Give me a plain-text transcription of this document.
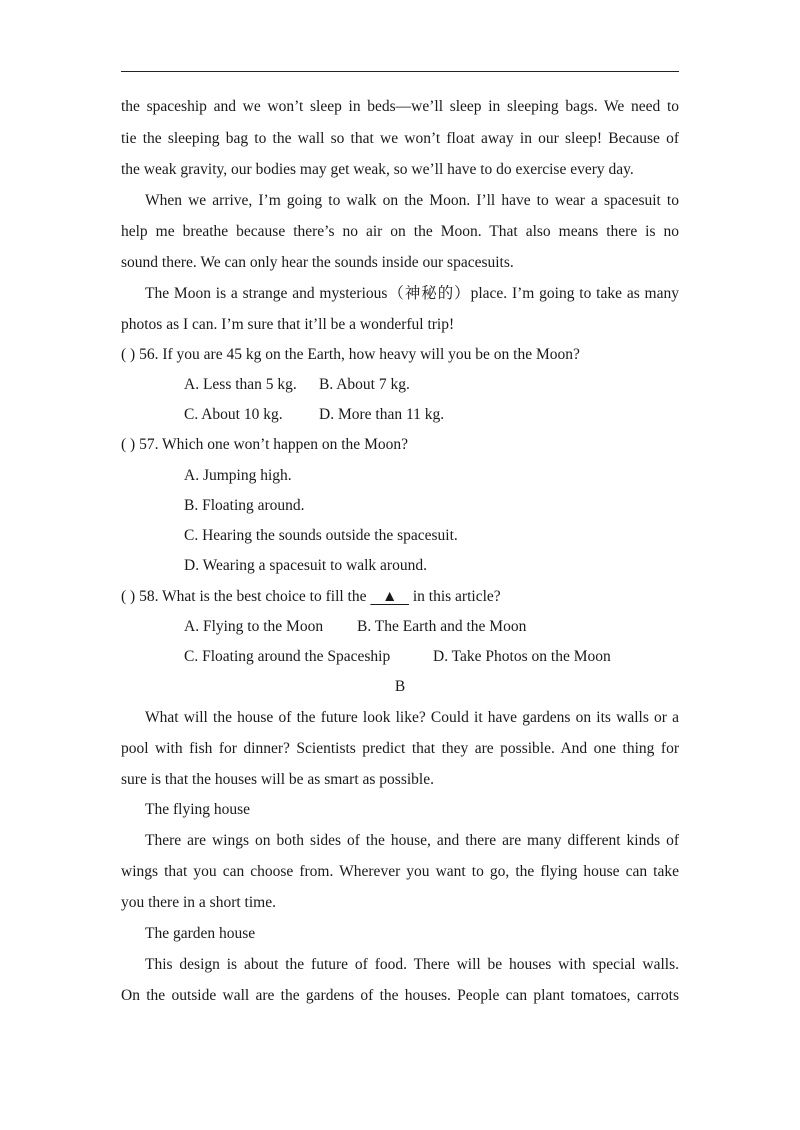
the spaceship and we won’t sleep in beds—we’ll sleep in sleeping bags. We need to
tie the sleeping bag to the wall so that we won’t float away in our sleep! Because of
the weak gravity, our bodies may get weak, so we’ll have to do exercise every day.
When we arrive, I’m going to walk on the Moon. I’ll have to wear a spacesuit to
help me breathe because there’s no air on the Moon. That also means there is no
sound there. We can only hear the sounds inside our spacesuits.
The Moon is a strange and mysterious（神秘的）place. I’m going to take as many
photos as I can. I’m sure that it’ll be a wonderful trip!
( ) 56. If you are 45 kg on the Earth, how heavy will you be on the Moon?
A. Less than 5 kg. B. About 7 kg.
C. About 10 kg. D. More than 11 kg.
( ) 57. Which one won’t happen on the Moon?
A. Jumping high.
B. Floating around.
C. Hearing the sounds outside the spacesuit.
D. Wearing a spacesuit to walk around.
( ) 58. What is the best choice to fill the    ▲    in this article?
A. Flying to the Moon B. The Earth and the Moon
C. Floating around the Spaceship	D. Take Photos on the Moon
B
What will the house of the future look like? Could it have gardens on its walls or a
pool with fish for dinner? Scientists predict that they are possible. And one thing for
sure is that the houses will be as smart as possible.
The flying house
There are wings on both sides of the house, and there are many different kinds of
wings that you can choose from. Wherever you want to go, the flying house can take
you there in a short time.
The garden house
This design is about the future of food. There will be houses with special walls.
On the outside wall are the gardens of the houses. People can plant tomatoes, carrots
